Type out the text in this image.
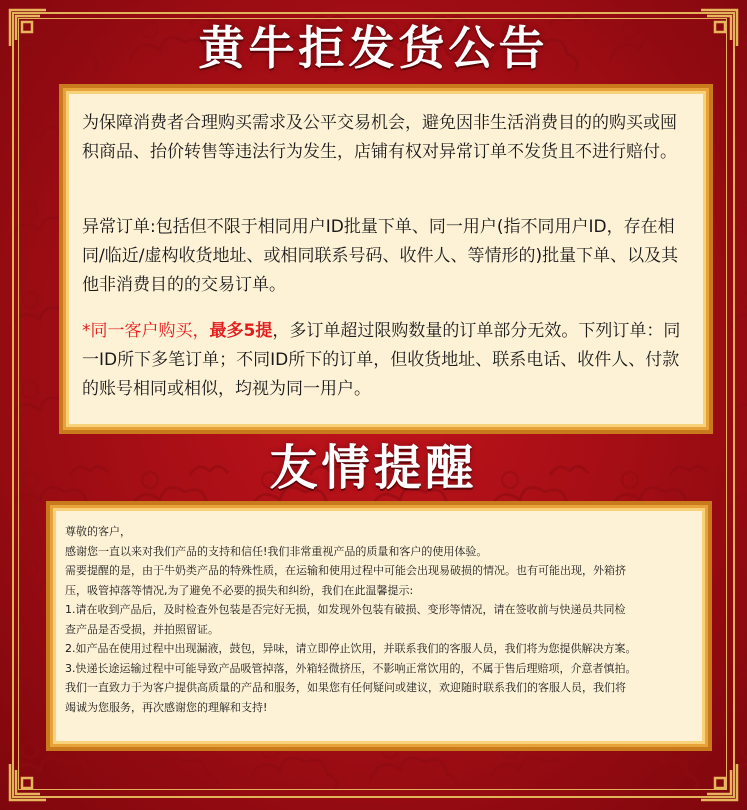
黄牛拒发货公告
为保障消费者合理购买需求及公平交易机会，避免因非生活消费目的的购买或囤积商品、抬价转售等违法行为发生，店铺有权对异常订单不发货且不进行赔付。
异常订单:包括但不限于相同用户ID批量下单、同一用户(指不同用户ID，存在相同/临近/虚构收货地址、或相同联系号码、收件人、等情形的)批量下单、以及其他非消费目的的交易订单。
*同一客户购买，最多5提，多订单超过限购数量的订单部分无效。下列订单：同一ID所下多笔订单；不同ID所下的订单，但收货地址、联系电话、收件人、付款的账号相同或相似，均视为同一用户。
友情提醒
尊敬的客户，
感谢您一直以来对我们产品的支持和信任!我们非常重视产品的质量和客户的使用体验。
需要提醒的是，由于牛奶类产品的特殊性质，在运输和使用过程中可能会出现易破损的情况。也有可能出现，外箱挤
压，吸管掉落等情况,为了避免不必要的损失和纠纷，我们在此温馨提示:
1.请在收到产品后，及时检查外包装是否完好无损，如发现外包装有破损、变形等情况，请在签收前与快递员共同检
查产品是否受损，并拍照留证。
2.如产品在使用过程中出现漏液，鼓包，异味，请立即停止饮用，并联系我们的客服人员，我们将为您提供解决方案。
3.快递长途运输过程中可能导致产品吸管掉落，外箱轻微挤压，不影响正常饮用的，不属于售后理赔项，介意者慎拍。
我们一直致力于为客户提供高质量的产品和服务，如果您有任何疑问或建议，欢迎随时联系我们的客服人员，我们将
竭诚为您服务，再次感谢您的理解和支持!
